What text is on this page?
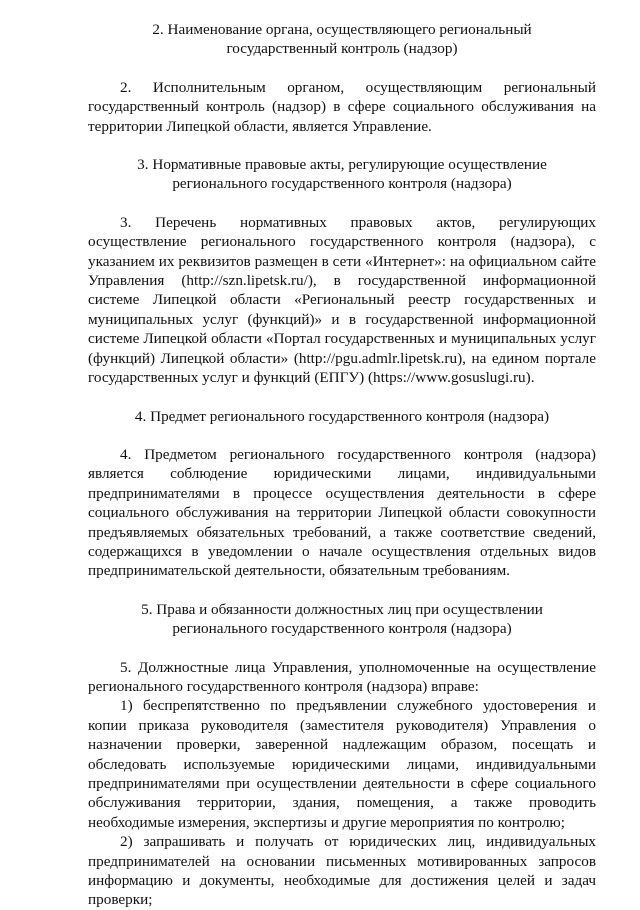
2. Наименование органа, осуществляющего региональный государственный контроль (надзор)
2. Исполнительным органом, осуществляющим региональный государственный контроль (надзор) в сфере социального обслуживания на территории Липецкой области, является Управление.
3. Нормативные правовые акты, регулирующие осуществление регионального государственного контроля (надзора)
3. Перечень нормативных правовых актов, регулирующих осуществление регионального государственного контроля (надзора), с указанием их реквизитов размещен в сети «Интернет»: на официальном сайте Управления (http://szn.lipetsk.ru/), в государственной информационной системе Липецкой области «Региональный реестр государственных и муниципальных услуг (функций)» и в государственной информационной системе Липецкой области «Портал государственных и муниципальных услуг (функций) Липецкой области» (http://pgu.admlr.lipetsk.ru), на едином портале государственных услуг и функций (ЕПГУ) (https://www.gosuslugi.ru).
4. Предмет регионального государственного контроля (надзора)
4. Предметом регионального государственного контроля (надзора) является соблюдение юридическими лицами, индивидуальными предпринимателями в процессе осуществления деятельности в сфере социального обслуживания на территории Липецкой области совокупности предъявляемых обязательных требований, а также соответствие сведений, содержащихся в уведомлении о начале осуществления отдельных видов предпринимательской деятельности, обязательным требованиям.
5. Права и обязанности должностных лиц при осуществлении регионального государственного контроля (надзора)
5. Должностные лица Управления, уполномоченные на осуществление регионального государственного контроля (надзора) вправе:
1) беспрепятственно по предъявлении служебного удостоверения и копии приказа руководителя (заместителя руководителя) Управления о назначении проверки, заверенной надлежащим образом, посещать и обследовать используемые юридическими лицами, индивидуальными предпринимателями при осуществлении деятельности в сфере социального обслуживания территории, здания, помещения, а также проводить необходимые измерения, экспертизы и другие мероприятия по контролю;
2) запрашивать и получать от юридических лиц, индивидуальных предпринимателей на основании письменных мотивированных запросов информацию и документы, необходимые для достижения целей и задач проверки;
